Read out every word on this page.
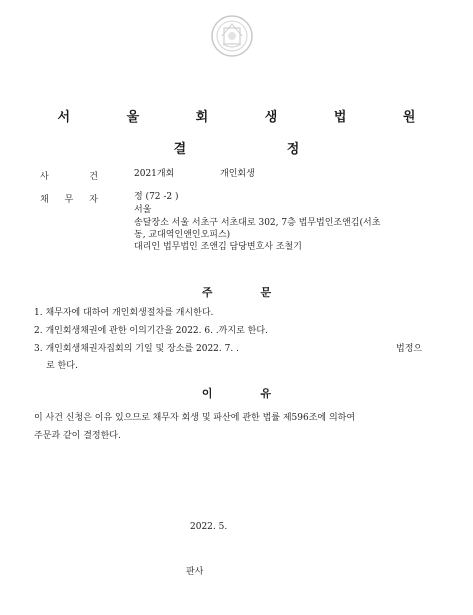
서 울 회 생 법 원
결 정
사	건	2021개회	개인회생
채 무 자	정 (72 -2 )
서울
송달장소 서울 서초구 서초대로 302, 7층 법무법인조앤김(서초
동, 교대역인앤인오피스)
대리인 법무법인 조앤김 담당변호사 조철기
주	문
1. 채무자에 대하여 개인회생절차를 개시한다.
2. 개인회생채권에 관한 이의기간을 2022. 6. .까지로 한다.
3. 개인회생채권자집회의 기일 및 장소를 2022. 7. .	법정으
로 한다.
이	유
이 사건 신청은 이유 있으므로 채무자 회생 및 파산에 관한 법률 제596조에 의하여
주문과 같이 결정한다.
2022. 5.
판사
